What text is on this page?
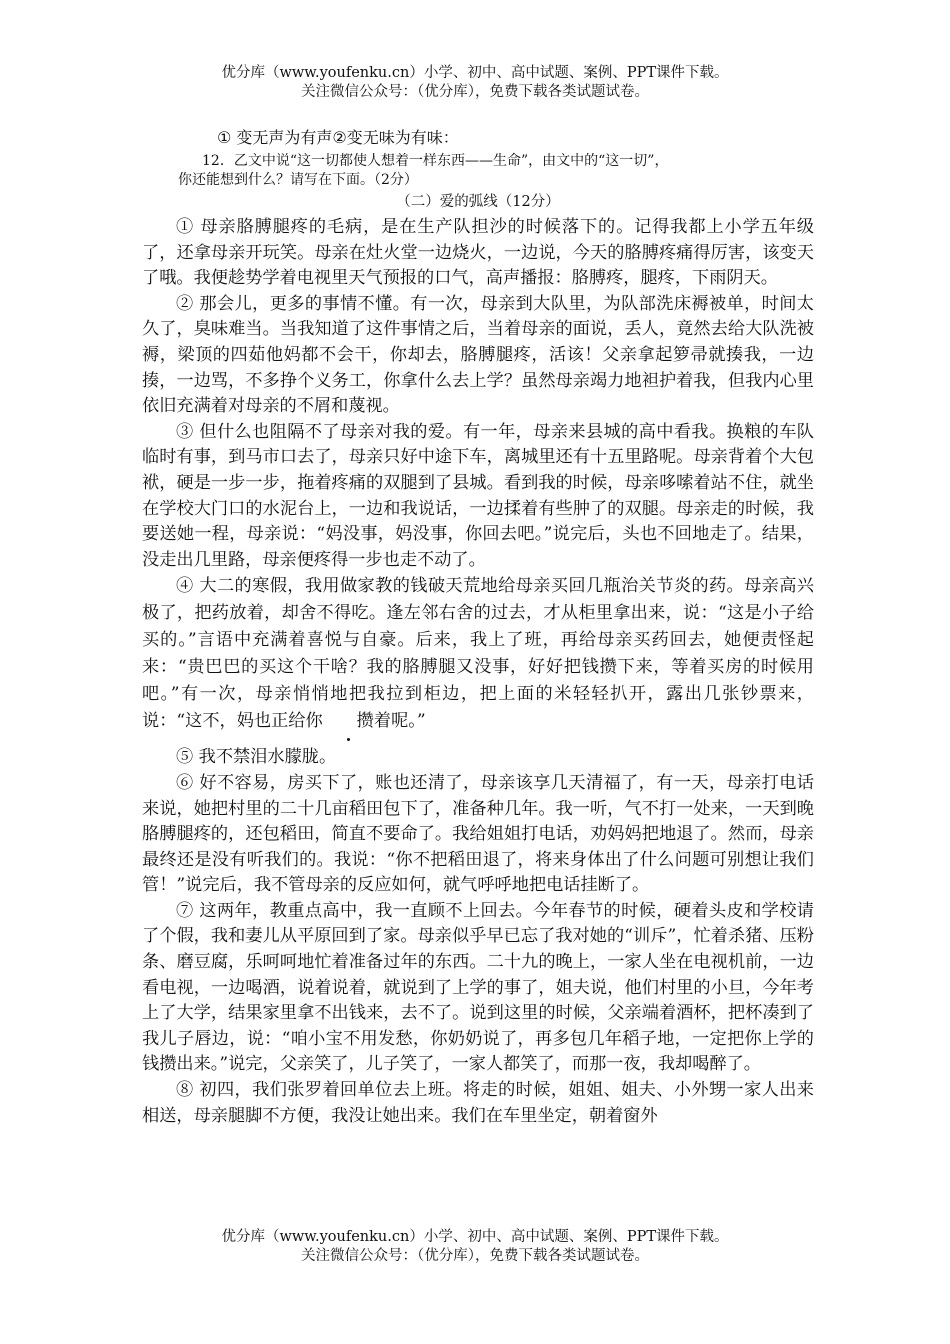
优分库（www.youfenku.cn）小学、初中、高中试题、案例、PPT课件下载。
关注微信公众号：（优分库），免费下载各类试题试卷。
① 变无声为有声②变无味为有味：
12．乙文中说“这一切都使人想着一样东西——生命”，由文中的“这一切”，
你还能想到什么？请写在下面。（2分）
（二）爱的弧线（12分）

① 母亲胳膊腿疼的毛病，是在生产队担沙的时候落下的。记得我都上小学五年级了，还拿母亲开玩笑。母亲在灶火堂一边烧火，一边说，今天的胳膊疼痛得厉害，该变天了哦。我便趁势学着电视里天气预报的口气，高声播报：胳膊疼，腿疼，下雨阴天。

② 那会儿，更多的事情不懂。有一次，母亲到大队里，为队部洗床褥被单，时间太久了，臭味难当。当我知道了这件事情之后，当着母亲的面说，丢人，竟然去给大队洗被褥，梁顶的四茹他妈都不会干，你却去，胳膊腿疼，活该！父亲拿起箩帚就揍我，一边揍，一边骂，不多挣个义务工，你拿什么去上学？虽然母亲竭力地袒护着我，但我内心里依旧充满着对母亲的不屑和蔑视。

③ 但什么也阻隔不了母亲对我的爱。有一年，母亲来县城的高中看我。换粮的车队临时有事，到马市口去了，母亲只好中途下车，离城里还有十五里路呢。母亲背着个大包袱，硬是一步一步，拖着疼痛的双腿到了县城。看到我的时候，母亲哆嗦着站不住，就坐在学校大门口的水泥台上，一边和我说话，一边揉着有些肿了的双腿。母亲走的时候，我要送她一程，母亲说：“妈没事，妈没事，你回去吧。”说完后，头也不回地走了。结果，没走出几里路，母亲便疼得一步也走不动了。

④ 大二的寒假，我用做家教的钱破天荒地给母亲买回几瓶治关节炎的药。母亲高兴极了，把药放着，却舍不得吃。逢左邻右舍的过去，才从柜里拿出来，说：“这是小子给买的。”言语中充满着喜悦与自豪。后来，我上了班，再给母亲买药回去，她便责怪起来：“贵巴巴的买这个干啥？我的胳膊腿又没事，好好把钱攒下来，等着买房的时候用吧。”有一次，母亲悄悄地把我拉到柜边，把上面的米轻轻扒开，露出几张钞票来，说：“这不，妈也正给你 攒着呢。”

⑤ 我不禁泪水朦胧。

⑥ 好不容易，房买下了，账也还清了，母亲该享几天清福了，有一天，母亲打电话来说，她把村里的二十几亩稻田包下了，准备种几年。我一听，气不打一处来，一天到晚胳膊腿疼的，还包稻田，简直不要命了。我给姐姐打电话，劝妈妈把地退了。然而，母亲最终还是没有听我们的。我说：“你不把稻田退了，将来身体出了什么问题可别想让我们管！”说完后，我不管母亲的反应如何，就气呼呼地把电话挂断了。

⑦ 这两年，教重点高中，我一直顾不上回去。今年春节的时候，硬着头皮和学校请了个假，我和妻儿从平原回到了家。母亲似乎早已忘了我对她的“训斥”，忙着杀猪、压粉条、磨豆腐，乐呵呵地忙着准备过年的东西。二十九的晚上，一家人坐在电视机前，一边看电视，一边喝酒，说着说着，就说到了上学的事了，姐夫说，他们村里的小旦，今年考上了大学，结果家里拿不出钱来，去不了。说到这里的时候，父亲端着酒杯，把杯凑到了我儿子唇边，说：“咱小宝不用发愁，你奶奶说了，再多包几年稻子地，一定把你上学的钱攒出来。”说完，父亲笑了，儿子笑了，一家人都笑了，而那一夜，我却喝醉了。

⑧ 初四，我们张罗着回单位去上班。将走的时候，姐姐、姐夫、小外甥一家人出来相送，母亲腿脚不方便，我没让她出来。我们在车里坐定，朝着窗外

优分库（www.youfenku.cn）小学、初中、高中试题、案例、PPT课件下载。
关注微信公众号：（优分库），免费下载各类试题试卷。
